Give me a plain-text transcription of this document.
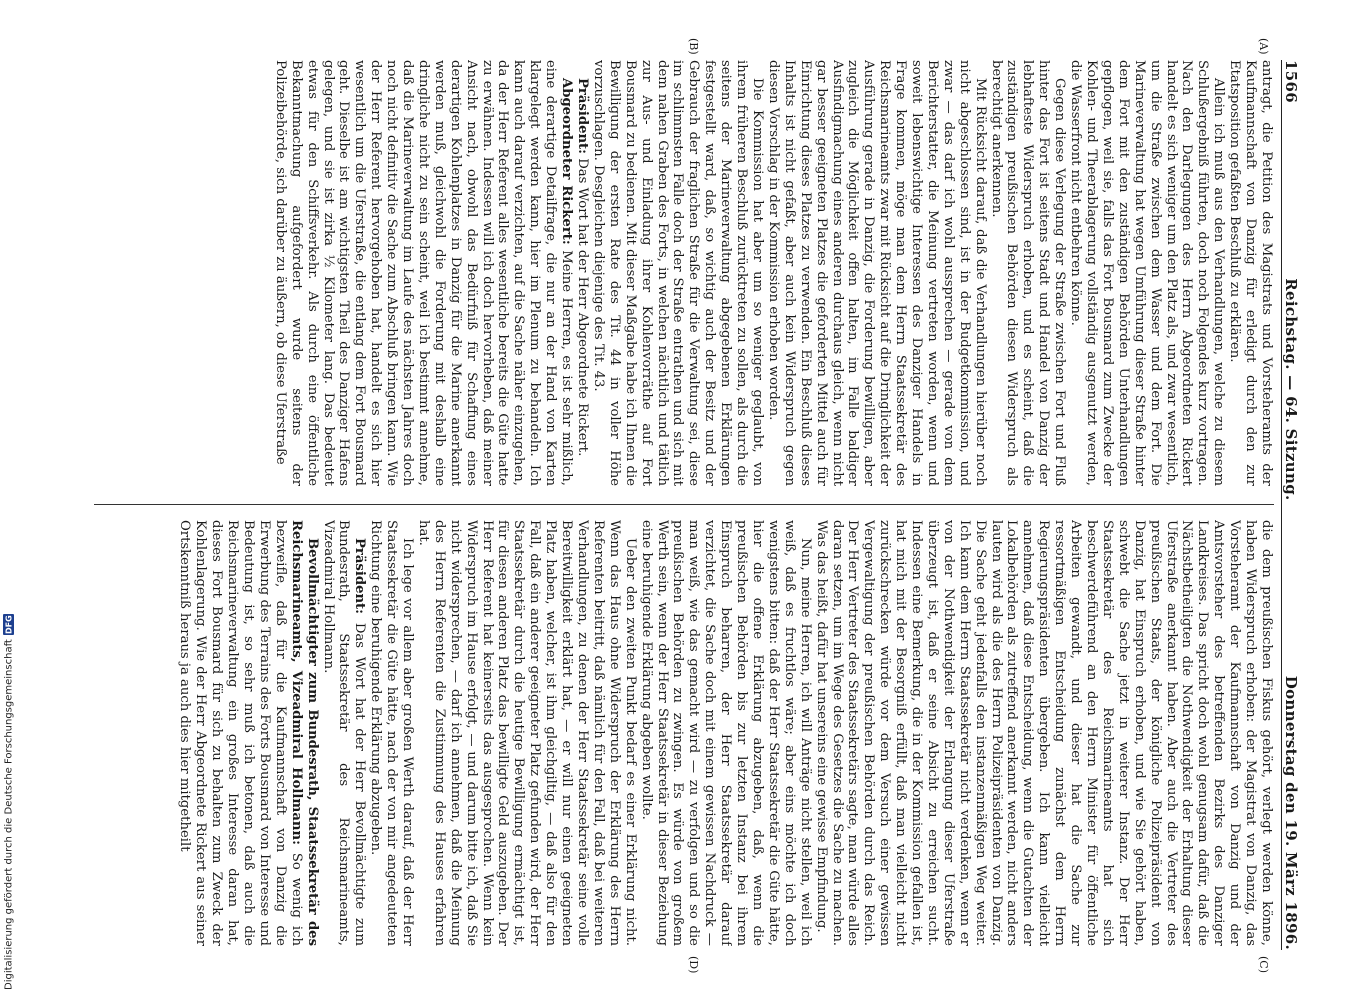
1566
Reichstag. — 64. Sitzung.
Donnerstag den 19. März 1896.
(A)
(B)
(C)
(D)

antragt, die Petition des Magistrats und Vorsteheramts der Kaufmannschaft von Danzig für erledigt durch den zur Etatsposition gefaßten Beschluß zu erklären.

Allein ich muß aus den Verhandlungen, welche zu diesem Schlußergebniß führten, doch noch Folgendes kurz vortragen. Nach den Darlegungen des Herrn Abgeordneten Rickert handelt es sich weniger um den Platz als, und zwar wesentlich, um die Straße zwischen dem Wasser und dem Fort. Die Marineverwaltung hat wegen Umführung dieser Straße hinter dem Fort mit den zuständigen Behörden Unterhandlungen gepflogen, weil sie, falls das Fort Bousmard zum Zwecke der Kohlen- und Theerablagerung vollständig ausgenutzt werden, die Wasserfront nicht entbehren könne.

Gegen diese Verlegung der Straße zwischen Fort und Fluß hinter das Fort ist seitens Stadt und Handel von Danzig der lebhafteste Widerspruch erhoben, und es scheint, daß die zuständigen preußischen Behörden diesen Widerspruch als berechtigt anerkennen.

Mit Rücksicht darauf, daß die Verhandlungen hierüber noch nicht abgeschlossen sind, ist in der Budgetkommission, und zwar — das darf ich wohl aussprechen — gerade von dem Berichterstatter, die Meinung vertreten worden, wenn und soweit lebenswichtige Interessen des Danziger Handels in Frage kommen, möge man dem Herrn Staatssekretär des Reichsmarineamts zwar mit Rücksicht auf die Dringlichkeit der Ausführung gerade in Danzig, die Forderung bewilligen, aber zugleich die Möglichkeit offen halten, im Falle baldiger Ausfindigmachung eines anderen durchaus gleich, wenn nicht gar besser geeigneten Platzes die geforderten Mittel auch für Einrichtung dieses Platzes zu verwenden. Ein Beschluß dieses Inhalts ist nicht gefaßt, aber auch kein Widerspruch gegen diesen Vorschlag in der Kommission erhoben worden.

Die Kommission hat aber um so weniger geglaubt, von ihrem früheren Beschluß zurücktreten zu sollen, als durch die seitens der Marineverwaltung abgegebenen Erklärungen festgestellt ward, daß, so wichtig auch der Besitz und der Gebrauch der fraglichen Straße für die Verwaltung sei, diese im schlimmsten Falle doch der Straße entrathen und sich mit dem nahen Graben des Forts, in welchen nächtlich und tätlich zur Aus- und Einladung ihrer Kohlenvorräthe auf Fort Bousmard zu bedienen. Mit dieser Maßgabe habe ich Ihnen die Bewilligung der ersten Rate des Tit. 44 in voller Höhe vorzuschlagen. Desgleichen diejenige des Tit. 43.

Präsident: Das Wort hat der Herr Abgeordnete Rickert.

Abgeordneter Rickert: Meine Herren, es ist sehr mißlich, eine derartige Detailfrage, die nur an der Hand von Karten klargelegt werden kann, hier im Plenum zu behandeln. Ich kann auch darauf verzichten, auf die Sache näher einzugehen, da der Herr Referent alles wesentliche bereits die Güte hatte zu erwähnen. Indessen will ich doch hervorheben, daß meiner Ansicht nach, obwohl das Bedürfniß für Schaffung eines derartigen Kohlenplatzes in Danzig für die Marine anerkannt werden muß, gleichwohl die Forderung mit deshalb eine dringliche nicht zu sein scheint, weil ich bestimmt annehme, daß die Marineverwaltung im Laufe des nächsten Jahres doch noch nicht definitiv die Sache zum Abschluß bringen kann. Wie der Herr Referent hervorgehoben hat, handelt es sich hier wesentlich um die Uferstraße, die entlang dem Fort Bousmard geht. Dieselbe ist am wichtigsten Theil des Danziger Hafens gelegen, und sie ist zirka ½ Kilometer lang. Das bedeutet etwas für den Schiffsverkehr. Als durch eine öffentliche Bekanntmachung aufgefordert wurde seitens der Polizeibehörde, sich darüber zu äußern, ob diese Uferstraße

die dem preußischen Fiskus gehört, verlegt werden könne, haben Widerspruch erhoben: der Magistrat von Danzig, das Vorsteheramt der Kaufmannschaft von Danzig und der Amtsvorsteher des betreffenden Bezirks des Danziger Landkreises. Das spricht doch wohl genugsam dafür, daß die Nächstbetheiligten die Nothwendigkeit der Erhaltung dieser Uferstraße anerkannt haben. Aber auch die Vertreter des preußischen Staats, der königliche Polizeipräsident von Danzig, hat Einspruch erhoben, und wie Sie gehört haben, schwebt die Sache jetzt in weiterer Instanz. Der Herr Staatssekretär des Reichsmarineamts hat sich beschwerdeführend an den Herrn Minister für öffentliche Arbeiten gewandt, und dieser hat die Sache zur ressortmäßigen Entscheidung zunächst dem Herrn Regierungspräsidenten übergeben. Ich kann vielleicht annehmen, daß diese Entscheidung, wenn die Gutachten der Lokalbehörden als zutreffend anerkannt werden, nicht anders lauten wird als die des Herrn Polizeipräsidenten von Danzig. Die Sache geht jedenfalls den instanzenmäßigen Weg weiter. Ich kann dem Herrn Staatssekretär nicht verdenken, wenn er von der Nothwendigkeit der Erlangung dieser Uferstraße überzeugt ist, daß er seine Absicht zu erreichen sucht. Indessen eine Bemerkung, die in der Kommission gefallen ist, hat mich mit der Besorgniß erfüllt, daß man vielleicht nicht zurückschrecken würde vor dem Versuch einer gewissen Vergewaltigung der preußischen Behörden durch das Reich. Der Herr Vertreter des Staatssekretärs sagte, man würde alles daran setzen, um im Wege des Gesetzes die Sache zu machen. Was das heißt, dafür hat unsereins eine gewisse Empfindung.

Nun, meine Herren, ich will Anträge nicht stellen, weil ich weiß, daß es fruchtlos wäre; aber eins möchte ich doch wenigstens bitten: daß der Herr Staatssekretär die Güte hätte, hier die offene Erklärung abzugeben, daß, wenn die preußischen Behörden bis zur letzten Instanz bei ihrem Einspruch beharren, der Herr Staatssekretär darauf verzichtet, die Sache doch mit einem gewissen Nachdruck — man weiß, wie das gemacht wird — zu verfolgen und so die preußischen Behörden zu zwingen. Es würde von großem Werth sein, wenn der Herr Staatssekretär in dieser Beziehung eine beruhigende Erklärung abgeben wollte.

Ueber den zweiten Punkt bedarf es einer Erklärung nicht. Wenn das Haus ohne Widerspruch der Erklärung des Herrn Referenten beitritt, daß nämlich für den Fall, daß bei weiteren Verhandlungen, zu denen der Herr Staatssekretär seine volle Bereitwilligkeit erklärt hat, — er will nur einen geeigneten Platz haben, welcher, ist ihm gleichgiltig, — daß also für den Fall, daß ein anderer geeigneter Platz gefunden wird, der Herr Staatssekretär durch die heutige Bewilligung ermächtigt ist, für diesen anderen Platz das bewilligte Geld auszugeben. Der Herr Referent hat keinerseits das ausgesprochen. Wenn kein Widerspruch im Hause erfolgt, — und darum bitte ich, daß Sie nicht widersprechen, — darf ich annehmen, daß die Meinung des Herrn Referenten die Zustimmung des Hauses erfahren hat.

Ich lege vor allem aber großen Werth darauf, daß der Herr Staatssekretär die Güte hätte, nach der von mir angedeuteten Richtung eine beruhigende Erklärung abzugeben.

Präsident: Das Wort hat der Herr Bevollmächtigte zum Bundesrath, Staatssekretär des Reichsmarineamts, Vizeadmiral Hollmann.

Bevollmächtigter zum Bundesrath, Staatssekretär des Reichsmarineamts, Vizeadmiral Hollmann: So wenig ich bezweifle, daß für die Kaufmannschaft von Danzig die Erwerbung des Terrains des Forts Bousmard von Interesse und Bedeutung ist, so sehr muß ich betonen, daß auch die Reichsmarineverwaltung ein großes Interesse daran hat, dieses Fort Bousmard für sich zu behalten zum Zweck der Kohlenlagerung. Wie der Herr Abgeordnete Rickert aus seiner Ortskenntniß heraus ja auch dies hier mitgetheilt

Digitalisierung gefördert durch die Deutsche Forschungsgemeinschaft
DFG
